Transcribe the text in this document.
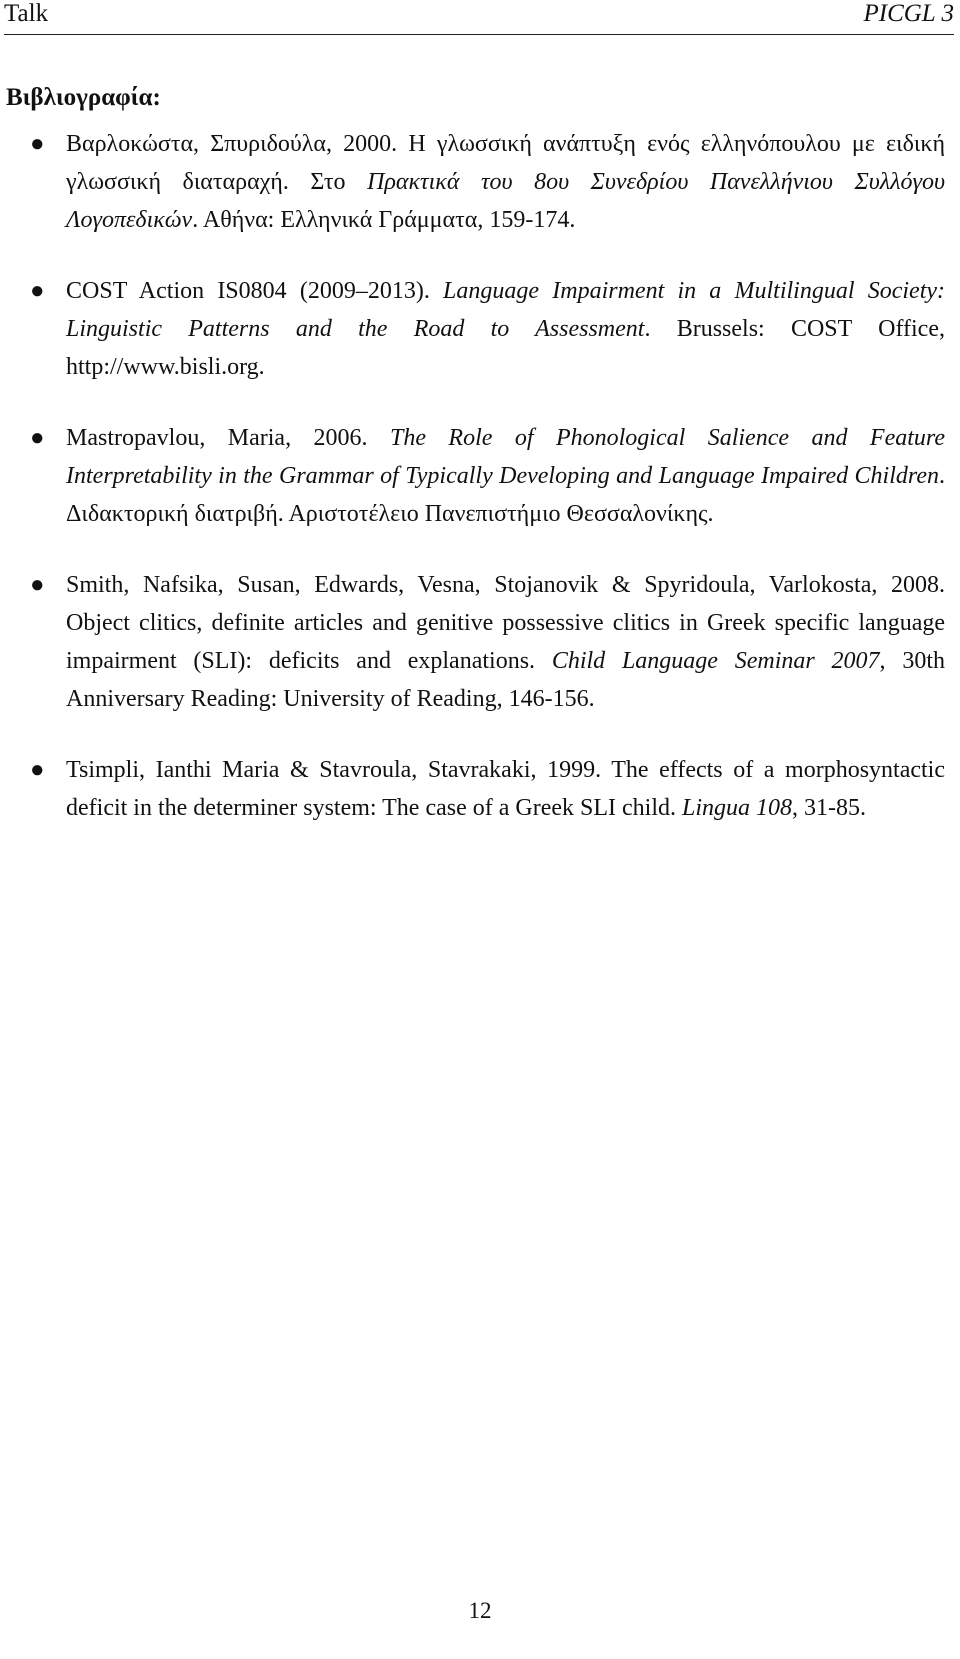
Talk	PICGL 3
Βιβλιογραφία:
● Βαρλοκώστα, Σπυριδούλα, 2000. Η γλωσσική ανάπτυξη ενός ελληνόπουλου με ειδική γλωσσική διαταραχή. Στο Πρακτικά του 8ου Συνεδρίου Πανελλήνιου Συλλόγου Λογοπεδικών. Αθήνα: Ελληνικά Γράμματα, 159-174.
● COST Action IS0804 (2009–2013). Language Impairment in a Multilingual Society: Linguistic Patterns and the Road to Assessment. Brussels: COST Office, http://www.bisli.org.
● Mastropavlou, Maria, 2006. The Role of Phonological Salience and Feature Interpretability in the Grammar of Typically Developing and Language Impaired Children. Διδακτορική διατριβή. Αριστοτέλειο Πανεπιστήμιο Θεσσαλονίκης.
● Smith, Nafsika, Susan, Edwards, Vesna, Stojanovik & Spyridoula, Varlokosta, 2008. Object clitics, definite articles and genitive possessive clitics in Greek specific language impairment (SLI): deficits and explanations. Child Language Seminar 2007, 30th Anniversary Reading: University of Reading, 146-156.
● Tsimpli, Ianthi Maria & Stavroula, Stavrakaki, 1999. The effects of a morphosyntactic deficit in the determiner system: The case of a Greek SLI child. Lingua 108, 31-85.
12
